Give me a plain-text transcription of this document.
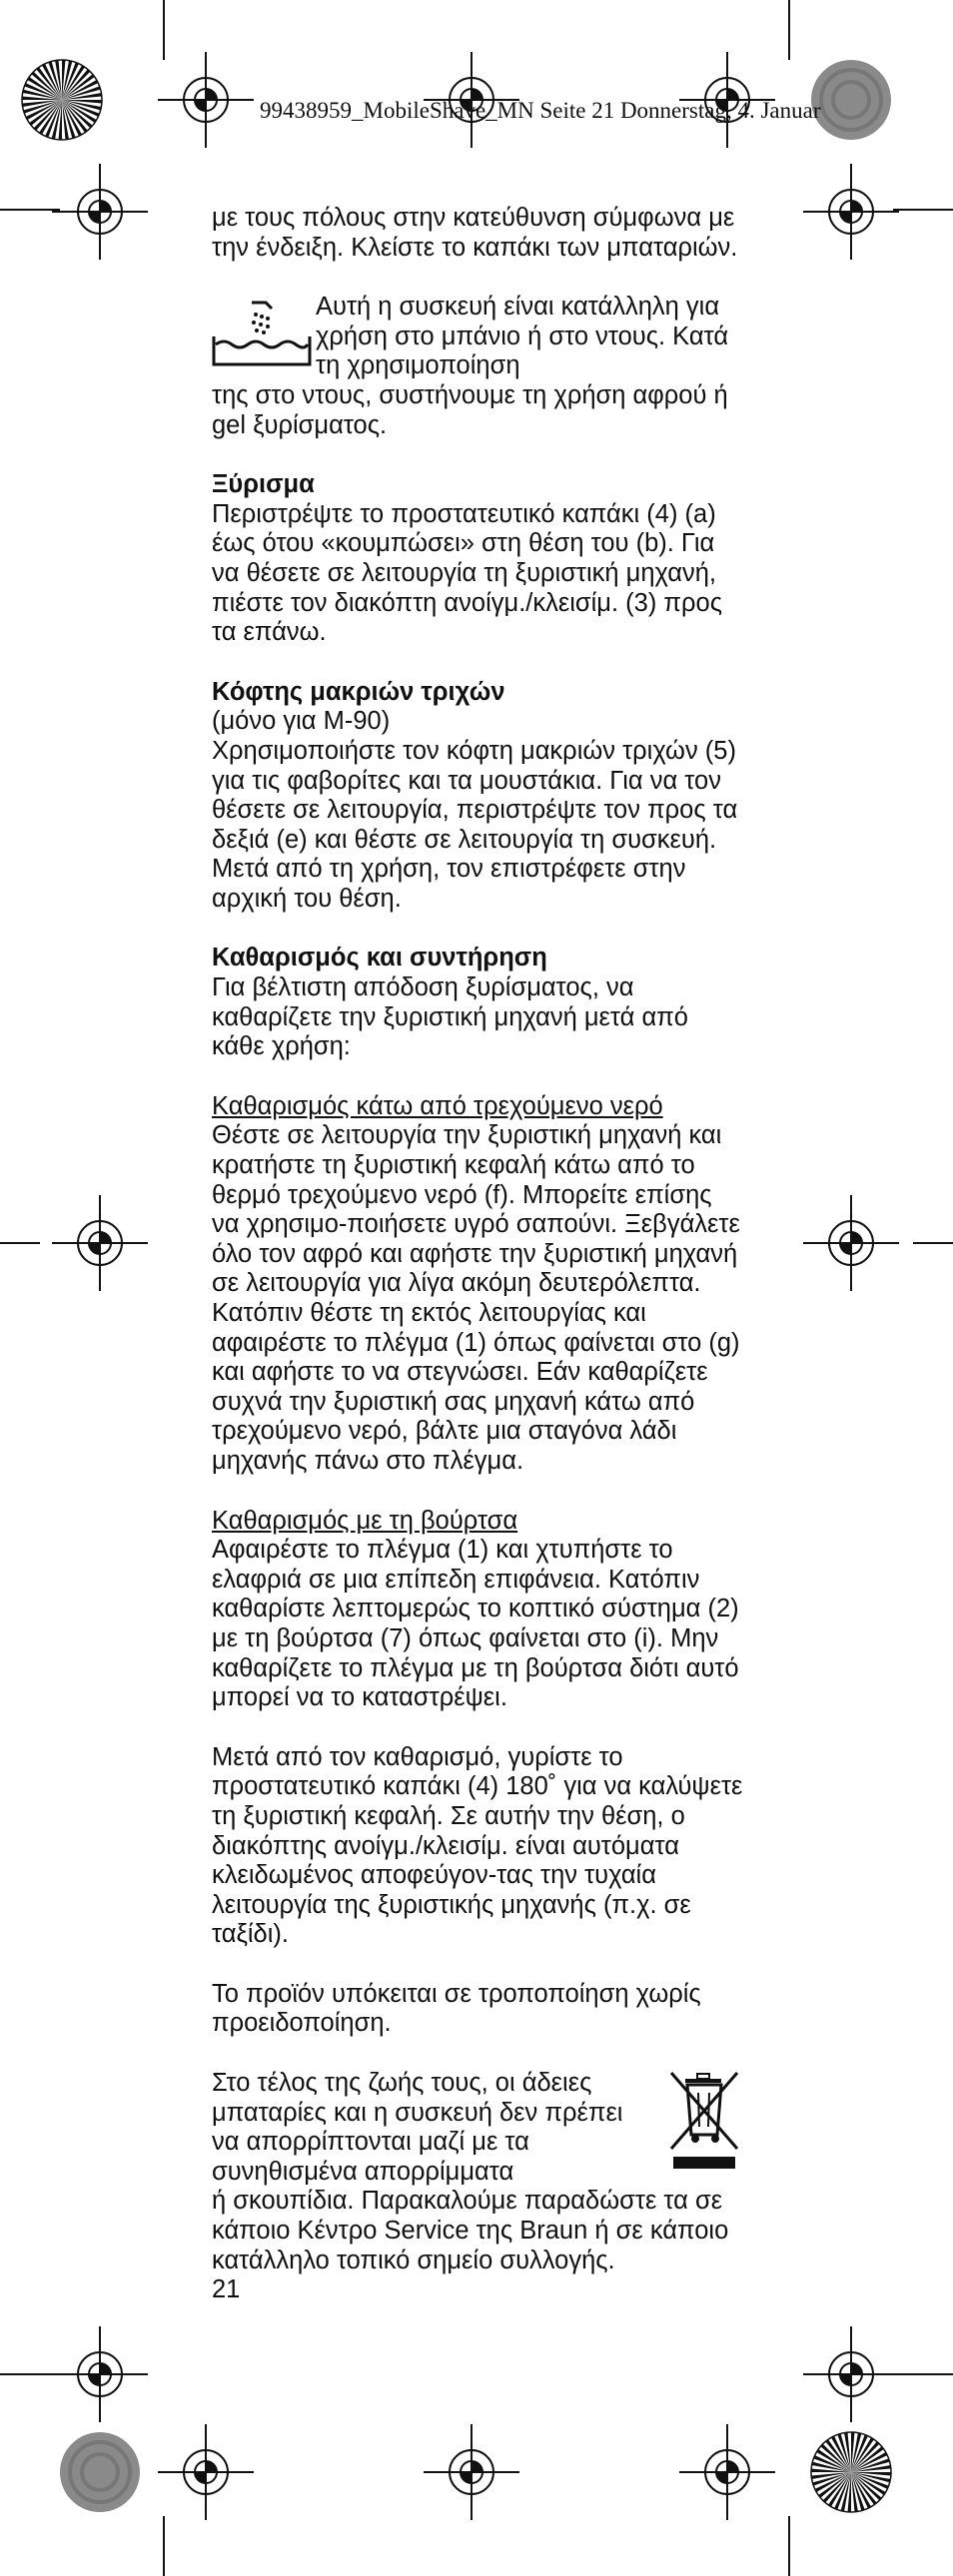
99438959_MobileShave_MN Seite 21 Donnerstag, 4. Januar

με τους πόλους στην κατεύθυνση σύμφωνα με την ένδειξη. Κλείστε το καπάκι των μπαταριών.

Αυτή η συσκευή είναι κατάλληλη για χρήση στο μπάνιο ή στο ντους. Κατά τη χρησιμοποίηση

της στο ντους, συστήνουμε τη χρήση αφρού ή gel ξυρίσματος.

Ξύρισμα

Περιστρέψτε το προστατευτικό καπάκι (4) (a) έως ότου «κουμπώσει» στη θέση του (b). Για να θέσετε σε λειτουργία τη ξυριστική μηχανή, πιέστε τον διακόπτη ανοίγμ./κλεισίμ. (3) προς τα επάνω.

Κόφτης μακριών τριχών

(μόνο για M-90)

Χρησιμοποιήστε τον κόφτη μακριών τριχών (5) για τις φαβορίτες και τα μουστάκια. Για να τον θέσετε σε λειτουργία, περιστρέψτε τον προς τα δεξιά (e) και θέστε σε λειτουργία τη συσκευή. Μετά από τη χρήση, τον επιστρέφετε στην αρχική του θέση.

Καθαρισμός και συντήρηση

Για βέλτιστη απόδοση ξυρίσματος, να καθαρίζετε την ξυριστική μηχανή μετά από κάθε χρήση:

Καθαρισμός κάτω από τρεχούμενο νερό

Θέστε σε λειτουργία την ξυριστική μηχανή και κρατήστε τη ξυριστική κεφαλή κάτω από το θερμό τρεχούμενο νερό (f). Μπορείτε επίσης να χρησιμο-ποιήσετε υγρό σαπούνι. Ξεβγάλετε όλο τον αφρό και αφήστε την ξυριστική μηχανή σε λειτουργία για λίγα ακόμη δευτερόλεπτα. Κατόπιν θέστε τη εκτός λειτουργίας και αφαιρέστε το πλέγμα (1) όπως φαίνεται στο (g) και αφήστε το να στεγνώσει. Εάν καθαρίζετε συχνά την ξυριστική σας μηχανή κάτω από τρεχούμενο νερό, βάλτε μια σταγόνα λάδι μηχανής πάνω στο πλέγμα.

Καθαρισμός με τη βούρτσα

Αφαιρέστε το πλέγμα (1) και χτυπήστε το ελαφριά σε μια επίπεδη επιφάνεια. Κατόπιν καθαρίστε λεπτομερώς το κοπτικό σύστημα (2) με τη βούρτσα (7) όπως φαίνεται στο (i). Μην καθαρίζετε το πλέγμα με τη βούρτσα διότι αυτό μπορεί να το καταστρέψει.

Μετά από τον καθαρισμό, γυρίστε το προστατευτικό καπάκι (4) 180˚ για να καλύψετε τη ξυριστική κεφαλή. Σε αυτήν την θέση, ο διακόπτης ανοίγμ./κλεισίμ. είναι αυτόματα κλειδωμένος αποφεύγον-τας την τυχαία λειτουργία της ξυριστικής μηχανής (π.χ. σε ταξίδι).

Το προϊόν υπόκειται σε τροποποίηση χωρίς προειδοποίηση.

Στο τέλος της ζωής τους, οι άδειες μπαταρίες και η συσκευή δεν πρέπει να απορρίπτονται μαζί με τα συνηθισμένα απορρίμματα

ή σκουπίδια. Παρακαλούμε παραδώστε τα σε κάποιο Κέντρο Service της Braun ή σε κάποιο κατάλληλο τοπικό σημείο συλλογής.

21
